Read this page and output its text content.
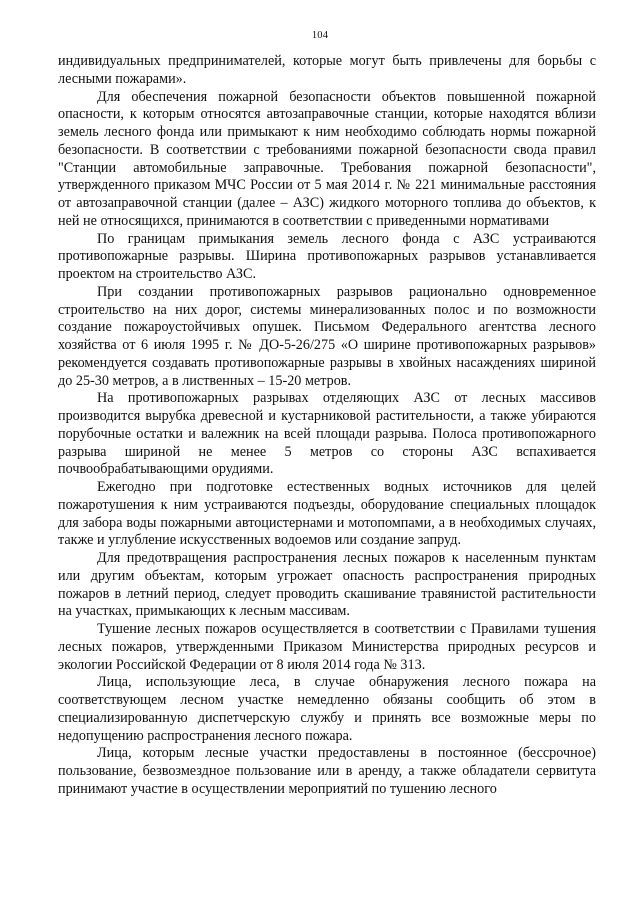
104

индивидуальных предпринимателей, которые могут быть привлечены для борьбы с лесными пожарами».

Для обеспечения пожарной безопасности объектов повышенной пожарной опасности, к которым относятся автозаправочные станции, которые находятся вблизи земель лесного фонда или примыкают к ним необходимо соблюдать нормы пожарной безопасности. В соответствии с требованиями пожарной безопасности свода правил "Станции автомобильные заправочные. Требования пожарной безопасности", утвержденного приказом МЧС России от 5 мая 2014 г. № 221 минимальные расстояния от автозаправочной станции (далее – АЗС) жидкого моторного топлива до объектов, к ней не относящихся, принимаются в соответствии с приведенными нормативами

По границам примыкания земель лесного фонда с АЗС устраиваются противопожарные разрывы. Ширина противопожарных разрывов устанавливается проектом на строительство АЗС.

При создании противопожарных разрывов рационально одновременное строительство на них дорог, системы минерализованных полос и по возможности создание пожароустойчивых опушек. Письмом Федерального агентства лесного хозяйства от 6 июля 1995 г. № ДО-5-26/275 «О ширине противопожарных разрывов» рекомендуется создавать противопожарные разрывы в хвойных насаждениях шириной до 25-30 метров, а в лиственных – 15-20 метров.

На противопожарных разрывах отделяющих АЗС от лесных массивов производится вырубка древесной и кустарниковой растительности, а также убираются порубочные остатки и валежник на всей площади разрыва. Полоса противопожарного разрыва шириной не менее 5 метров со стороны АЗС вспахивается почвообрабатывающими орудиями.

Ежегодно при подготовке естественных водных источников для целей пожаротушения к ним устраиваются подъезды, оборудование специальных площадок для забора воды пожарными автоцистернами и мотопомпами, а в необходимых случаях, также и углубление искусственных водоемов или создание запруд.

Для предотвращения распространения лесных пожаров к населенным пунктам или другим объектам, которым угрожает опасность распространения природных пожаров в летний период, следует проводить скашивание травянистой растительности на участках, примыкающих к лесным массивам.

Тушение лесных пожаров осуществляется в соответствии с Правилами тушения лесных пожаров, утвержденными Приказом Министерства природных ресурсов и экологии Российской Федерации от 8 июля 2014 года № 313.

Лица, использующие леса, в случае обнаружения лесного пожара на соответствующем лесном участке немедленно обязаны сообщить об этом в специализированную диспетчерскую службу и принять все возможные меры по недопущению распространения лесного пожара.

Лица, которым лесные участки предоставлены в постоянное (бессрочное) пользование, безвозмездное пользование или в аренду, а также обладатели сервитута принимают участие в осуществлении мероприятий по тушению лесного
